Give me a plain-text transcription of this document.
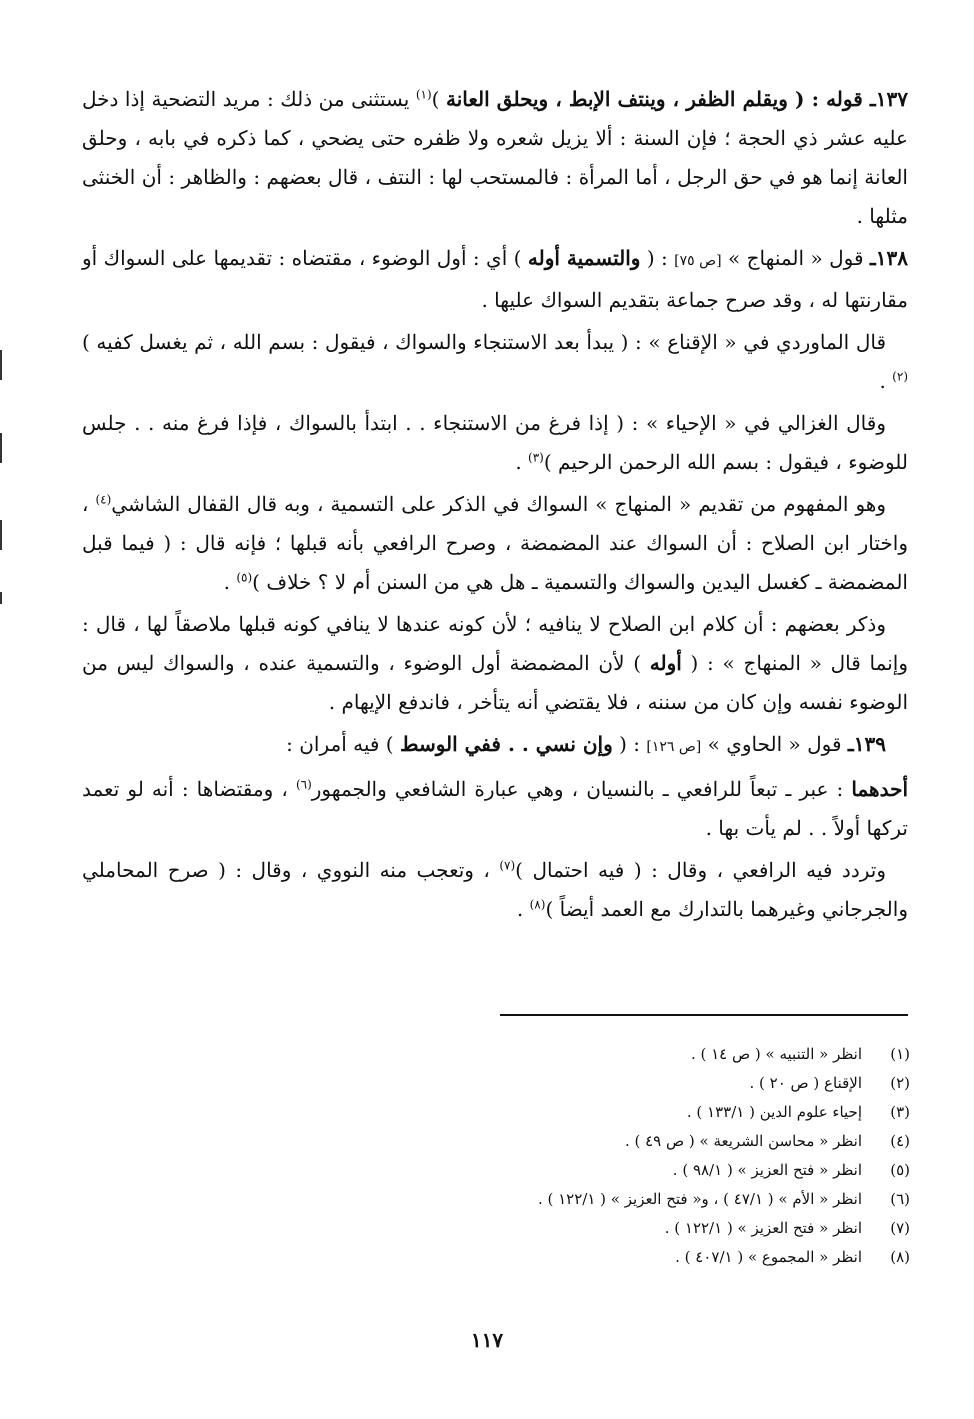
١٣٧ـ قوله : ( ويقلم الظفر ، وينتف الإبط ، ويحلق العانة )$^{(١)}$ يستثنى من ذلك : مريد التضحية إذا دخل عليه عشر ذي الحجة ؛ فإن السنة : ألا يزيل شعره ولا ظفره حتى يضحي ، كما ذكره في بابه ، وحلق العانة إنما هو في حق الرجل ، أما المرأة : فالمستحب لها : النتف ، قال بعضهم : والظاهر : أن الخنثى مثلها .

١٣٨ـ قول « المنهاج » [ص ٧٥] : ( والتسمية أوله ) أي : أول الوضوء ، مقتضاه : تقديمها على السواك أو مقارنتها له ، وقد صرح جماعة بتقديم السواك عليها .

قال الماوردي في « الإقناع » : ( يبدأ بعد الاستنجاء والسواك ، فيقول : بسم الله ، ثم يغسل كفيه )$^{(٢)}$ .

وقال الغزالي في « الإحياء » : ( إذا فرغ من الاستنجاء . . ابتدأ بالسواك ، فإذا فرغ منه . . جلس للوضوء ، فيقول : بسم الله الرحمن الرحيم )$^{(٣)}$ .

وهو المفهوم من تقديم « المنهاج » السواك في الذكر على التسمية ، وبه قال القفال الشاشي$^{(٤)}$ ، واختار ابن الصلاح : أن السواك عند المضمضة ، وصرح الرافعي بأنه قبلها ؛ فإنه قال : ( فيما قبل المضمضة ـ كغسل اليدين والسواك والتسمية ـ هل هي من السنن أم لا ؟ خلاف )$^{(٥)}$ .

وذكر بعضهم : أن كلام ابن الصلاح لا ينافيه ؛ لأن كونه عندها لا ينافي كونه قبلها ملاصقاً لها ، قال : وإنما قال « المنهاج » : ( أوله ) لأن المضمضة أول الوضوء ، والتسمية عنده ، والسواك ليس من الوضوء نفسه وإن كان من سننه ، فلا يقتضي أنه يتأخر ، فاندفع الإيهام .

١٣٩ـ قول « الحاوي » [ص ١٢٦] : ( وإن نسي . . ففي الوسط ) فيه أمران :

أحدهما : عبر ـ تبعاً للرافعي ـ بالنسيان ، وهي عبارة الشافعي والجمهور$^{(٦)}$ ، ومقتضاها : أنه لو تعمد تركها أولاً . . لم يأت بها .

وتردد فيه الرافعي ، وقال : ( فيه احتمال )$^{(٧)}$ ، وتعجب منه النووي ، وقال : ( صرح المحاملي والجرجاني وغيرهما بالتدارك مع العمد أيضاً )$^{(٨)}$ .

(١)
انظر « التنبيه » ( ص ١٤ ) .
(٢)
الإقناع ( ص ٢٠ ) .
(٣)
إحياء علوم الدين ( ١٣٣/١ ) .
(٤)
انظر « محاسن الشريعة » ( ص ٤٩ ) .
(٥)
انظر « فتح العزيز » ( ٩٨/١ ) .
(٦)
انظر « الأم » ( ٤٧/١ ) ، و« فتح العزيز » ( ١٢٢/١ ) .
(٧)
انظر « فتح العزيز » ( ١٢٢/١ ) .
(٨)
انظر « المجموع » ( ٤٠٧/١ ) .
١١٧
